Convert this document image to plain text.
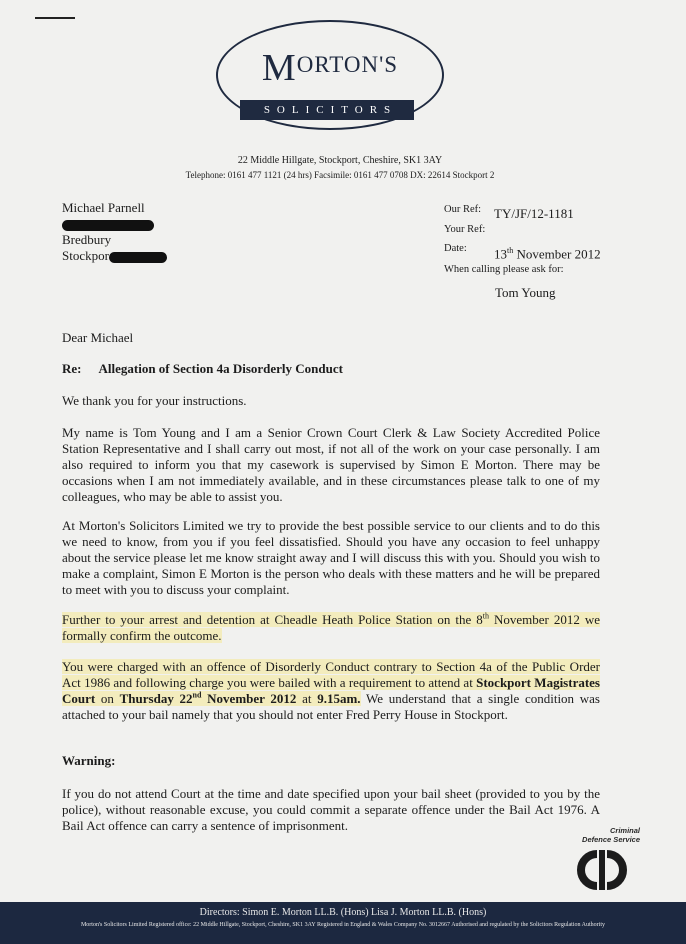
MORTON'S
SOLICITORS
22 Middle Hillgate, Stockport, Cheshire, SK1 3AY
Telephone: 0161 477 1121 (24 hrs) Facsimile: 0161 477 0708 DX: 22614 Stockport 2
Michael Parnell
Bredbury
Stockpor
Our Ref: TY/JF/12-1181
Your Ref:
Date: 13th November 2012
When calling please ask for:
Tom Young
Dear Michael
Re: Allegation of Section 4a Disorderly Conduct
We thank you for your instructions.
My name is Tom Young and I am a Senior Crown Court Clerk & Law Society Accredited Police Station Representative and I shall carry out most, if not all of the work on your case personally. I am also required to inform you that my casework is supervised by Simon E Morton. There may be occasions when I am not immediately available, and in these circumstances please talk to one of my colleagues, who may be able to assist you.
At Morton's Solicitors Limited we try to provide the best possible service to our clients and to do this we need to know, from you if you feel dissatisfied. Should you have any occasion to feel unhappy about the service please let me know straight away and I will discuss this with you. Should you wish to make a complaint, Simon E Morton is the person who deals with these matters and he will be prepared to meet with you to discuss your complaint.
Further to your arrest and detention at Cheadle Heath Police Station on the 8th November 2012 we formally confirm the outcome.
You were charged with an offence of Disorderly Conduct contrary to Section 4a of the Public Order Act 1986 and following charge you were bailed with a requirement to attend at Stockport Magistrates Court on Thursday 22nd November 2012 at 9.15am. We understand that a single condition was attached to your bail namely that you should not enter Fred Perry House in Stockport.
Warning:
If you do not attend Court at the time and date specified upon your bail sheet (provided to you by the police), without reasonable excuse, you could commit a separate offence under the Bail Act 1976. A Bail Act offence can carry a sentence of imprisonment.	Criminal
Defence Service
Directors: Simon E. Morton LL.B. (Hons) Lisa J. Morton LL.B. (Hons)
Morton's Solicitors Limited Registered office: 22 Middle Hillgate, Stockport, Cheshire, SK1 3AY Registered in England & Wales Company No. 3012667 Authorised and regulated by the Solicitors Regulation Authority
